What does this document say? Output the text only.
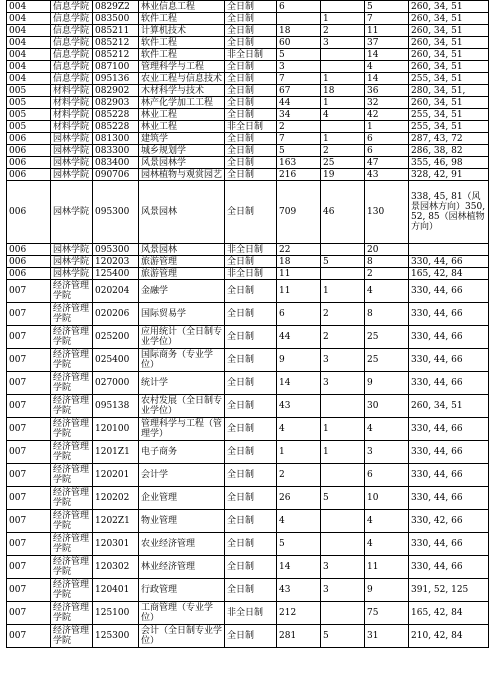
004	信息学院	0829Z2	林业信息工程	全日制	6		5	260, 34, 51
004	信息学院	083500	软件工程	全日制		1	7	260, 34, 51
004	信息学院	085211	计算机技术	全日制	18	2	11	260, 34, 51
004	信息学院	085212	软件工程	全日制	60	3	37	260, 34, 51
004	信息学院	085212	软件工程	非全日制	5		14	260, 34, 51
004	信息学院	087100	管理科学与工程	全日制	3		4	260, 34, 51
004	信息学院	095136	农业工程与信息技术	全日制	7	1	14	255, 34, 51
005	材料学院	082902	木材科学与技术	全日制	67	18	36	280, 34, 51,
005	材料学院	082903	林产化学加工工程	全日制	44	1	32	260, 34, 51
005	材料学院	085228	林业工程	全日制	34	4	42	255, 34, 51
005	材料学院	085228	林业工程	非全日制	2		1	255, 34, 51
006	园林学院	081300	建筑学	全日制	7	1	6	287, 43, 72
006	园林学院	083300	城乡规划学	全日制	5	2	6	286, 38, 82
006	园林学院	083400	风景园林学	全日制	163	25	47	355, 46, 98
006	园林学院	090706	园林植物与观赏园艺	全日制	216	19	43	328, 42, 91
006	园林学院	095300	风景园林	全日制	709	46	130	338, 45, 81（风景园林方向）350, 52, 85（园林植物方向）
006	园林学院	095300	风景园林	非全日制	22		20	
006	园林学院	120203	旅游管理	全日制	18	5	8	330, 44, 66
006	园林学院	125400	旅游管理	非全日制	11		2	165, 42, 84
007	经济管理学院	020204	金融学	全日制	11	1	4	330, 44, 66
007	经济管理学院	020206	国际贸易学	全日制	6	2	8	330, 44, 66
007	经济管理学院	025200	应用统计（全日制专业学位）	全日制	44	2	25	330, 44, 66
007	经济管理学院	025400	国际商务（专业学位）	全日制	9	3	25	330, 44, 66
007	经济管理学院	027000	统计学	全日制	14	3	9	330, 44, 66
007	经济管理学院	095138	农村发展（全日制专业学位）	全日制	43		30	260, 34, 51
007	经济管理学院	120100	管理科学与工程（管理学）	全日制	4	1	4	330, 44, 66
007	经济管理学院	1201Z1	电子商务	全日制	1	1	3	330, 44, 66
007	经济管理学院	120201	会计学	全日制	2		6	330, 44, 66
007	经济管理学院	120202	企业管理	全日制	26	5	10	330, 44, 66
007	经济管理学院	1202Z1	物业管理	全日制	4		4	330, 42, 66
007	经济管理学院	120301	农业经济管理	全日制	5		4	330, 44, 66
007	经济管理学院	120302	林业经济管理	全日制	14	3	11	330, 44, 66
007	经济管理学院	120401	行政管理	全日制	43	3	9	391, 52, 125
007	经济管理学院	125100	工商管理（专业学位）	非全日制	212		75	165, 42, 84
007	经济管理学院	125300	会计（全日制专业学位）	全日制	281	5	31	210, 42, 84
